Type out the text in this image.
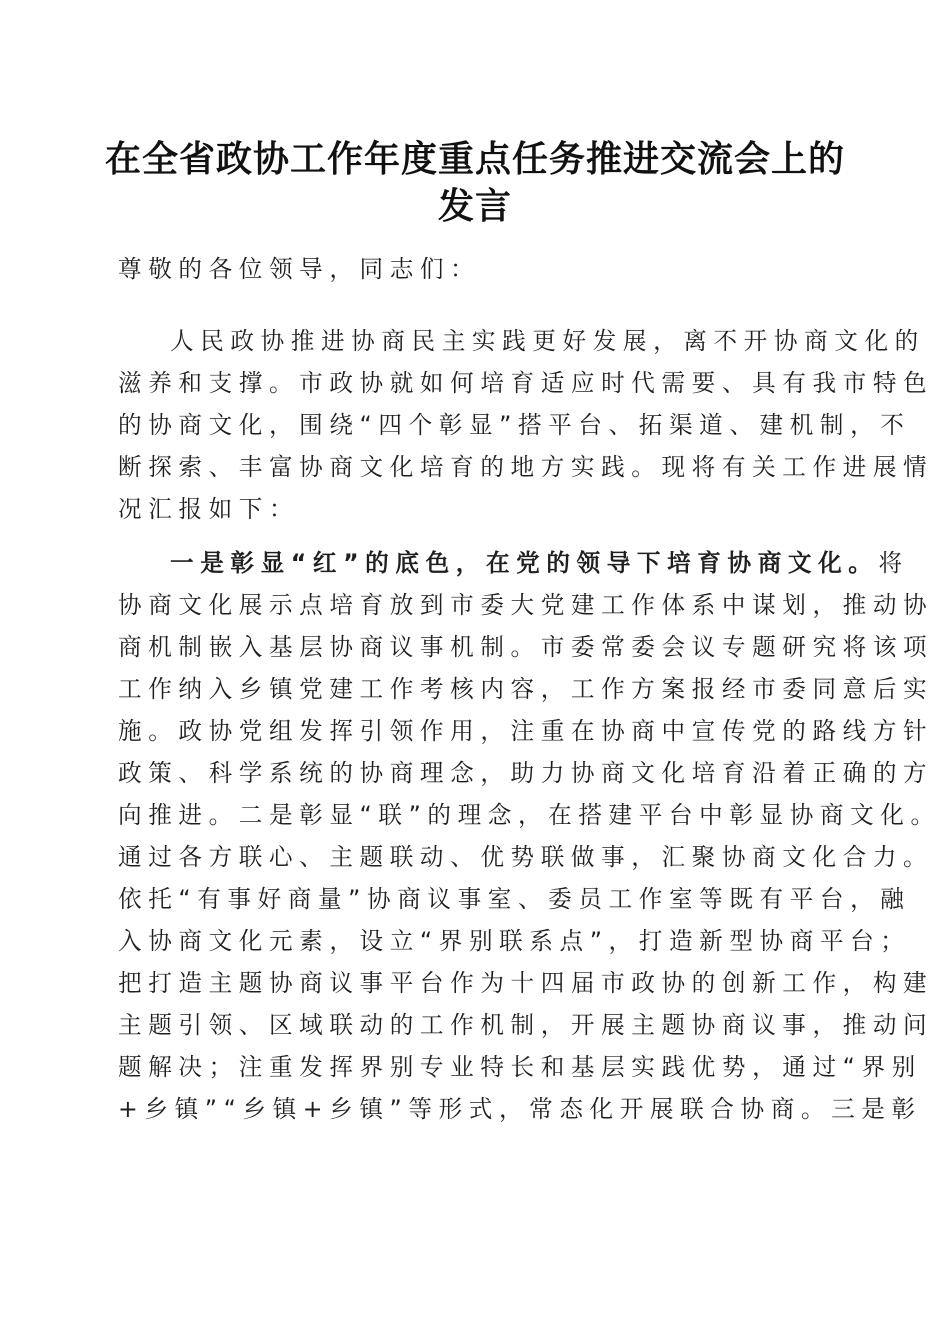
在全省政协工作年度重点任务推进交流会上的
发言
尊敬的各位领导，同志们：
人民政协推进协商民主实践更好发展，离不开协商文化的
滋养和支撑。市政协就如何培育适应时代需要、具有我市特色
的协商文化，围绕“四个彰显”搭平台、拓渠道、建机制，不
断探索、丰富协商文化培育的地方实践。现将有关工作进展情
况汇报如下：
一是彰显“红”的底色，在党的领导下培育协商文化。将
协商文化展示点培育放到市委大党建工作体系中谋划，推动协
商机制嵌入基层协商议事机制。市委常委会议专题研究将该项
工作纳入乡镇党建工作考核内容，工作方案报经市委同意后实
施。政协党组发挥引领作用，注重在协商中宣传党的路线方针
政策、科学系统的协商理念，助力协商文化培育沿着正确的方
向推进。二是彰显“联”的理念，在搭建平台中彰显协商文化。
通过各方联心、主题联动、优势联做事，汇聚协商文化合力。
依托“有事好商量”协商议事室、委员工作室等既有平台，融
入协商文化元素，设立“界别联系点”，打造新型协商平台；
把打造主题协商议事平台作为十四届市政协的创新工作，构建
主题引领、区域联动的工作机制，开展主题协商议事，推动问
题解决；注重发挥界别专业特长和基层实践优势，通过“界别
+乡镇”“乡镇+乡镇”等形式，常态化开展联合协商。三是彰
